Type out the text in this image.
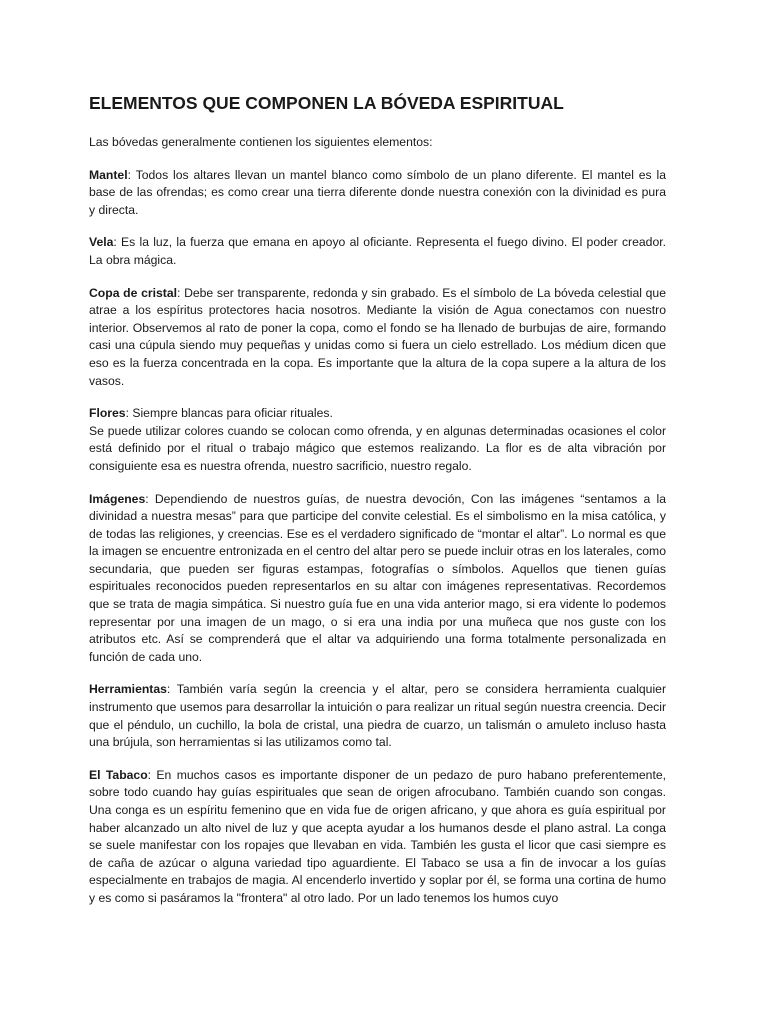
ELEMENTOS QUE COMPONEN LA BÓVEDA ESPIRITUAL

Las bóvedas generalmente contienen los siguientes elementos:

Mantel: Todos los altares llevan un mantel blanco como símbolo de un plano diferente. El mantel es la base de las ofrendas; es como crear una tierra diferente donde nuestra conexión con la divinidad es pura y directa.

Vela: Es la luz, la fuerza que emana en apoyo al oficiante. Representa el fuego divino. El poder creador. La obra mágica.

Copa de cristal: Debe ser transparente, redonda y sin grabado. Es el símbolo de La bóveda celestial que atrae a los espíritus protectores hacia nosotros. Mediante la visión de Agua conectamos con nuestro interior. Observemos al rato de poner la copa, como el fondo se ha llenado de burbujas de aire, formando casi una cúpula siendo muy pequeñas y unidas como si fuera un cielo estrellado. Los médium dicen que eso es la fuerza concentrada en la copa. Es importante que la altura de la copa supere a la altura de los vasos.

Flores: Siempre blancas para oficiar rituales.
Se puede utilizar colores cuando se colocan como ofrenda, y en algunas determinadas ocasiones el color está definido por el ritual o trabajo mágico que estemos realizando. La flor es de alta vibración por consiguiente esa es nuestra ofrenda, nuestro sacrificio, nuestro regalo.

Imágenes: Dependiendo de nuestros guías, de nuestra devoción, Con las imágenes “sentamos a la divinidad a nuestra mesas” para que participe del convite celestial. Es el simbolismo en la misa católica, y de todas las religiones, y creencias. Ese es el verdadero significado de “montar el altar”. Lo normal es que la imagen se encuentre entronizada en el centro del altar pero se puede incluir otras en los laterales, como secundaria, que pueden ser figuras estampas, fotografías o símbolos. Aquellos que tienen guías espirituales reconocidos pueden representarlos en su altar con imágenes representativas. Recordemos que se trata de magia simpática. Si nuestro guía fue en una vida anterior mago, si era vidente lo podemos representar por una imagen de un mago, o si era una india por una muñeca que nos guste con los atributos etc. Así se comprenderá que el altar va adquiriendo una forma totalmente personalizada en función de cada uno.

Herramientas: También varía según la creencia y el altar, pero se considera herramienta cualquier instrumento que usemos para desarrollar la intuición o para realizar un ritual según nuestra creencia. Decir que el péndulo, un cuchillo, la bola de cristal, una piedra de cuarzo, un talismán o amuleto incluso hasta una brújula, son herramientas si las utilizamos como tal.

El Tabaco: En muchos casos es importante disponer de un pedazo de puro habano preferentemente, sobre todo cuando hay guías espirituales que sean de origen afrocubano. También cuando son congas. Una conga es un espíritu femenino que en vida fue de origen africano, y que ahora es guía espiritual por haber alcanzado un alto nivel de luz y que acepta ayudar a los humanos desde el plano astral. La conga se suele manifestar con los ropajes que llevaban en vida. También les gusta el licor que casi siempre es de caña de azúcar o alguna variedad tipo aguardiente. El Tabaco se usa a fin de invocar a los guías especialmente en trabajos de magia. Al encenderlo invertido y soplar por él, se forma una cortina de humo y es como si pasáramos la "frontera" al otro lado. Por un lado tenemos los humos cuyo
